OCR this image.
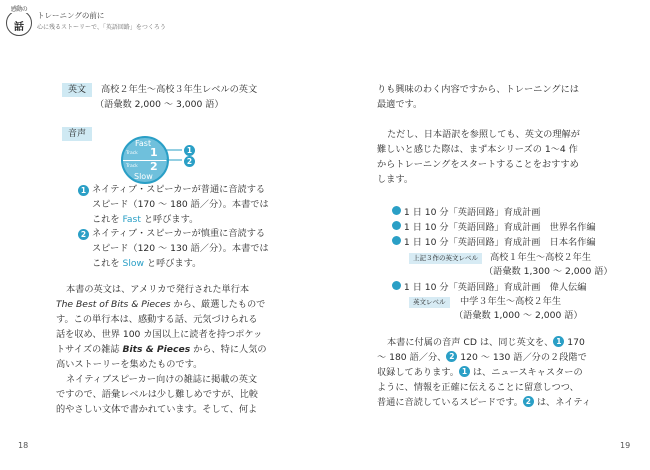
感動の
話
トレーニングの前に
心に残るストーリーで、「英語回路」をつくろう
英文	高校２年生〜高校３年生レベルの英文
（語彙数 2,000 〜 3,000 語）
音声
Fast
Track 1
Track 2
Slow
1
2
1 ネイティブ・スピーカーが普通に音読する
スピード（170 〜 180 語／分）。本書では
これを Fast と呼びます。
2 ネイティブ・スピーカーが慎重に音読する
スピード（120 〜 130 語／分）。本書では
これを Slow と呼びます。
本書の英文は、アメリカで発行された単行本
The Best of Bits & Pieces から、厳選したもので
す。この単行本は、感動する話、元気づけられる
話を収め、世界 100 カ国以上に読者を持つポケッ
トサイズの雑誌 Bits & Pieces から、特に人気の
高いストーリーを集めたものです。
ネイティブスピーカー向けの雑誌に掲載の英文
ですので、語彙レベルは少し難しめですが、比較
的やさしい文体で書かれています。そして、何よ
18
りも興味のわく内容ですから、トレーニングには
最適です。
ただし、日本語訳を参照しても、英文の理解が
難しいと感じた際は、まず本シリーズの 1〜4 作
からトレーニングをスタートすることをおすすめ
します。
1 日 10 分「英語回路」育成計画
1 日 10 分「英語回路」育成計画　世界名作編
1 日 10 分「英語回路」育成計画　日本名作編
上記３作の英文レベル	高校１年生〜高校２年生
（語彙数 1,300 〜 2,000 語）
1 日 10 分「英語回路」育成計画　偉人伝編
英文レベル	中学３年生〜高校２年生
（語彙数 1,000 〜 2,000 語）
本書に付属の音声 CD は、同じ英文を、 1 170
〜 180 語／分、 2 120 〜 130 語／分の２段階で
収録してあります。 1 は、ニュースキャスターの
ように、情報を正確に伝えることに留意しつつ、
普通に音読しているスピードです。 2 は、ネイティ
19
